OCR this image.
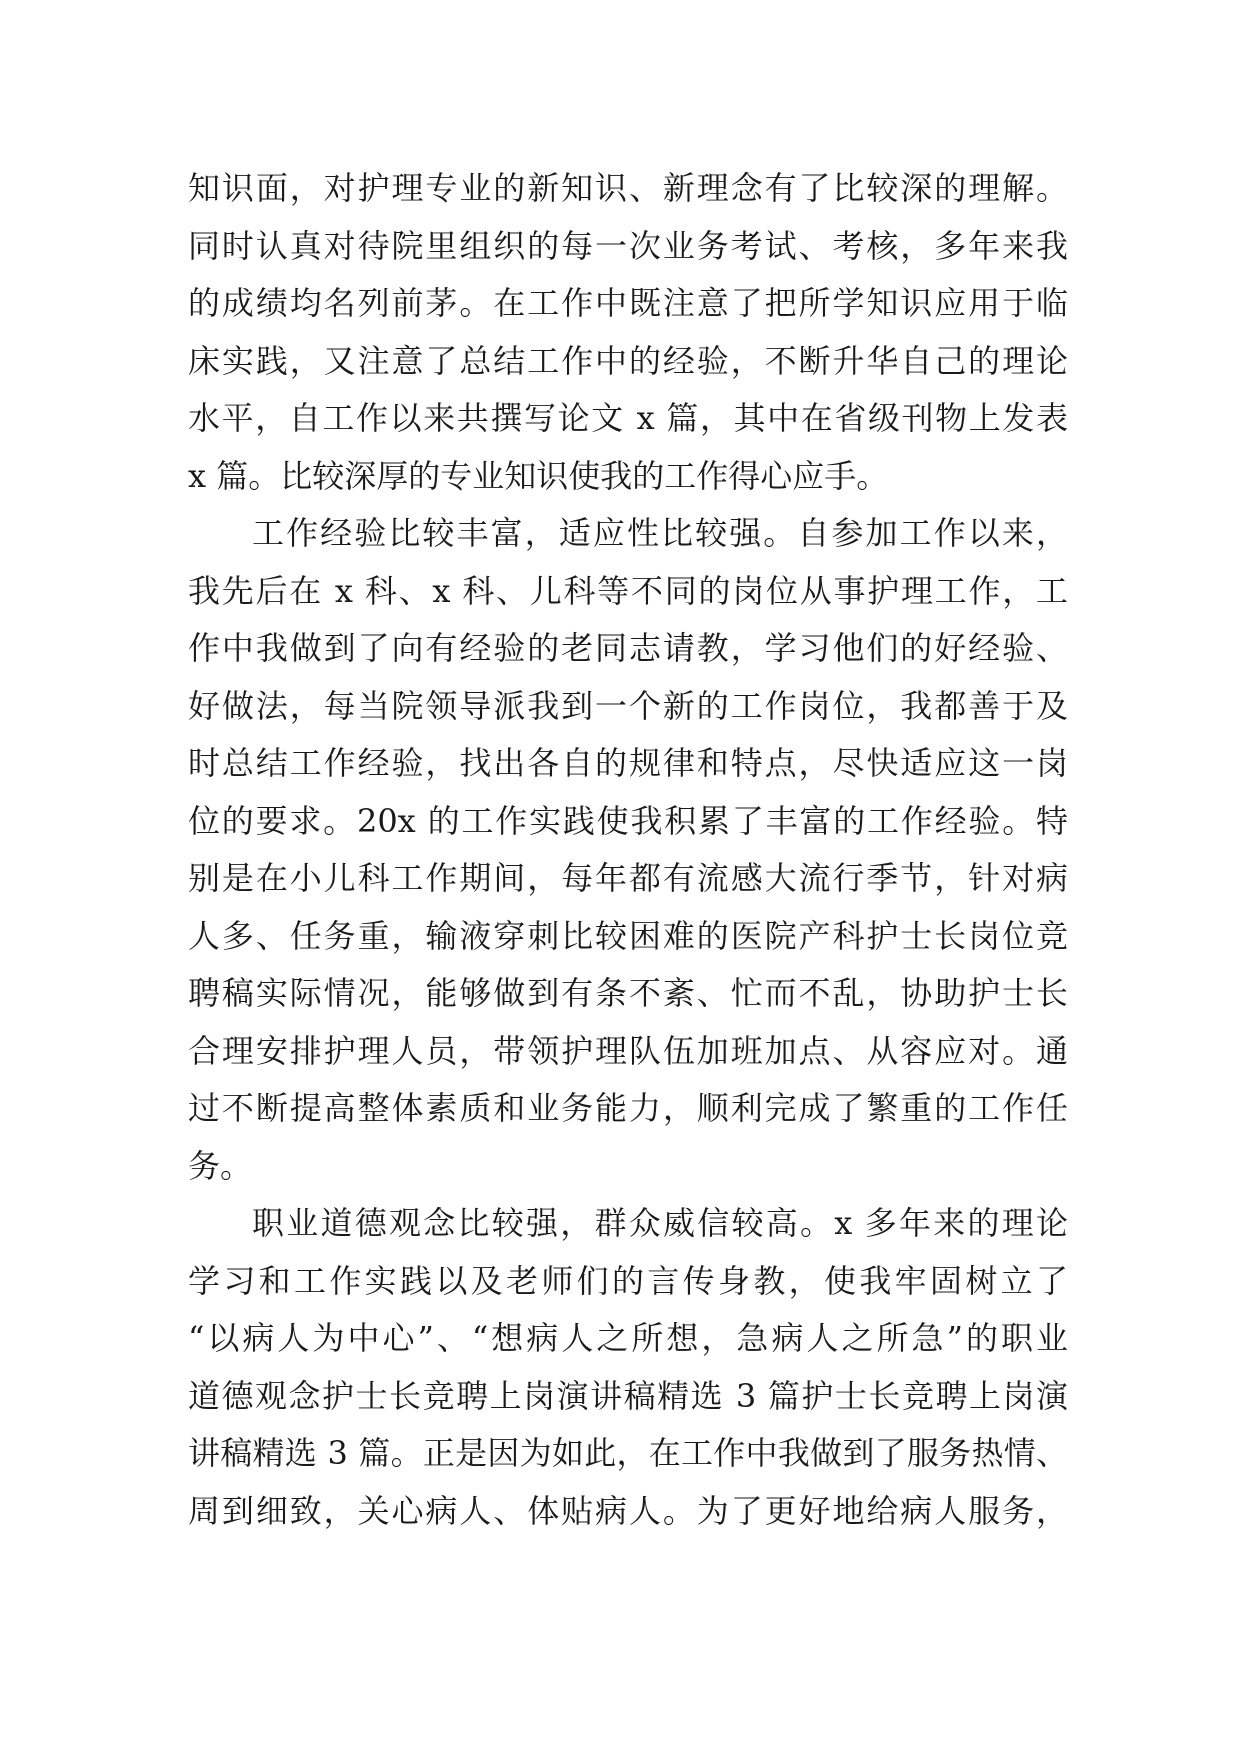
知识面，对护理专业的新知识、新理念有了比较深的理解。
同时认真对待院里组织的每一次业务考试、考核，多年来我
的成绩均名列前茅。在工作中既注意了把所学知识应用于临
床实践，又注意了总结工作中的经验，不断升华自己的理论
水平，自工作以来共撰写论文 x 篇，其中在省级刊物上发表
x 篇。比较深厚的专业知识使我的工作得心应手。
工作经验比较丰富，适应性比较强。自参加工作以来，
我先后在 x 科、x 科、儿科等不同的岗位从事护理工作，工
作中我做到了向有经验的老同志请教，学习他们的好经验、
好做法，每当院领导派我到一个新的工作岗位，我都善于及
时总结工作经验，找出各自的规律和特点，尽快适应这一岗
位的要求。20x 的工作实践使我积累了丰富的工作经验。特
别是在小儿科工作期间，每年都有流感大流行季节，针对病
人多、任务重，输液穿刺比较困难的医院产科护士长岗位竞
聘稿实际情况，能够做到有条不紊、忙而不乱，协助护士长
合理安排护理人员，带领护理队伍加班加点、从容应对。通
过不断提高整体素质和业务能力，顺利完成了繁重的工作任
务。
职业道德观念比较强，群众威信较高。x 多年来的理论
学习和工作实践以及老师们的言传身教，使我牢固树立了
“以病人为中心”、“想病人之所想，急病人之所急”的职业
道德观念护士长竞聘上岗演讲稿精选 3 篇护士长竞聘上岗演
讲稿精选 3 篇。正是因为如此，在工作中我做到了服务热情、
周到细致，关心病人、体贴病人。为了更好地给病人服务，
